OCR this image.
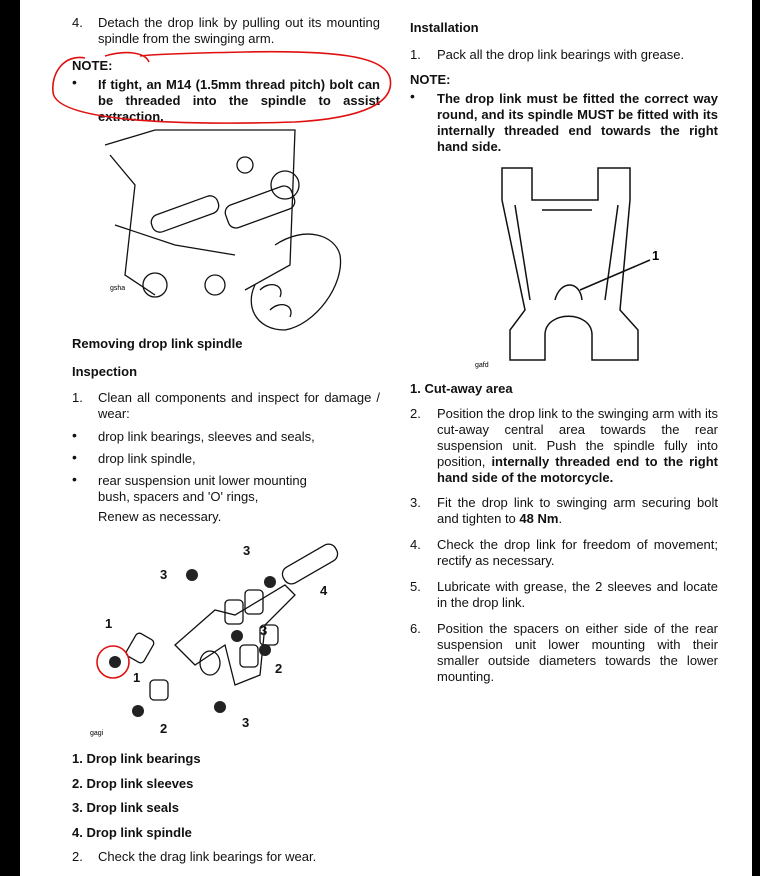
4.	Detach the drop link by pulling out its mounting spindle from the swinging arm.
NOTE:
• If tight, an M14 (1.5mm thread pitch) bolt can be threaded into the spindle to assist extraction.
gsha
Removing drop link spindle
Inspection
1.	Clean all components and inspect for damage / wear:
• drop link bearings, sleeves and seals,
• drop link spindle,
• rear suspension unit lower mounting bush, spacers and 'O' rings,
Renew as necessary.
3
3
4
1	3
1
2
2	3
gagi
1. Drop link bearings
2. Drop link sleeves
3. Drop link seals
4. Drop link spindle
2.	Check the drag link bearings for wear.
Installation
1.	Pack all the drop link bearings with grease.
NOTE:
• The drop link must be fitted the correct way round, and its spindle MUST be fitted with its internally threaded end towards the right hand side.
1
gafd
1. Cut-away area
2.	Position the drop link to the swinging arm with its cut-away central area towards the rear suspension unit. Push the spindle fully into position, internally threaded end to the right hand side of the motorcycle.
3.	Fit the drop link to swinging arm securing bolt and tighten to 48 Nm.
4.	Check the drop link for freedom of movement; rectify as necessary.
5.	Lubricate with grease, the 2 sleeves and locate in the drop link.
6.	Position the spacers on either side of the rear suspension unit lower mounting with their smaller outside diameters towards the lower mounting.
